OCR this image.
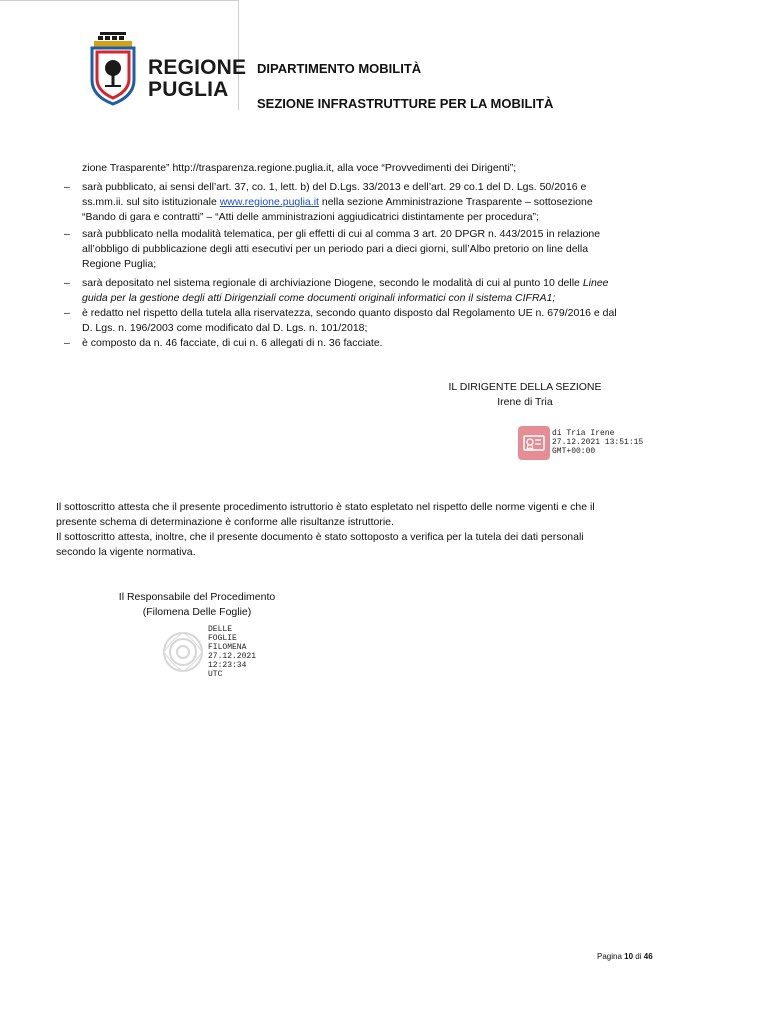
REGIONE
PUGLIA
DIPARTIMENTO MOBILITÀ
SEZIONE INFRASTRUTTURE PER LA MOBILITÀ
zione Trasparente” http://trasparenza.regione.puglia.it, alla voce “Provvedimenti dei Dirigenti”;
– sarà pubblicato, ai sensi dell’art. 37, co. 1, lett. b) del D.Lgs. 33/2013 e dell’art. 29 co.1 del D. Lgs. 50/2016 e
ss.mm.ii. sul sito istituzionale www.regione.puglia.it nella sezione Amministrazione Trasparente – sottosezione
“Bando di gara e contratti” – “Atti delle amministrazioni aggiudicatrici distintamente per procedura”;
– sarà pubblicato nella modalità telematica, per gli effetti di cui al comma 3 art. 20 DPGR n. 443/2015 in relazione
all’obbligo di pubblicazione degli atti esecutivi per un periodo pari a dieci giorni, sull’Albo pretorio on line della
Regione Puglia;
– sarà depositato nel sistema regionale di archiviazione Diogene, secondo le modalità di cui al punto 10 delle Linee
guida per la gestione degli atti Dirigenziali come documenti originali informatici con il sistema CIFRA1;
– è redatto nel rispetto della tutela alla riservatezza, secondo quanto disposto dal Regolamento UE n. 679/2016 e dal
D. Lgs. n. 196/2003 come modificato dal D. Lgs. n. 101/2018;
– è composto da n. 46 facciate, di cui n. 6 allegati di n. 36 facciate.
IL DIRIGENTE DELLA SEZIONE
Irene di Tria
di Tria Irene
27.12.2021 13:51:15
GMT+00:00
Il sottoscritto attesta che il presente procedimento istruttorio è stato espletato nel rispetto delle norme vigenti e che il
presente schema di determinazione è conforme alle risultanze istruttorie.
Il sottoscritto attesta, inoltre, che il presente documento è stato sottoposto a verifica per la tutela dei dati personali
secondo la vigente normativa.
Il Responsabile del Procedimento
(Filomena Delle Foglie)
DELLE
FOGLIE
FILOMENA
27.12.2021
12:23:34
UTC
Pagina 10 di 46
